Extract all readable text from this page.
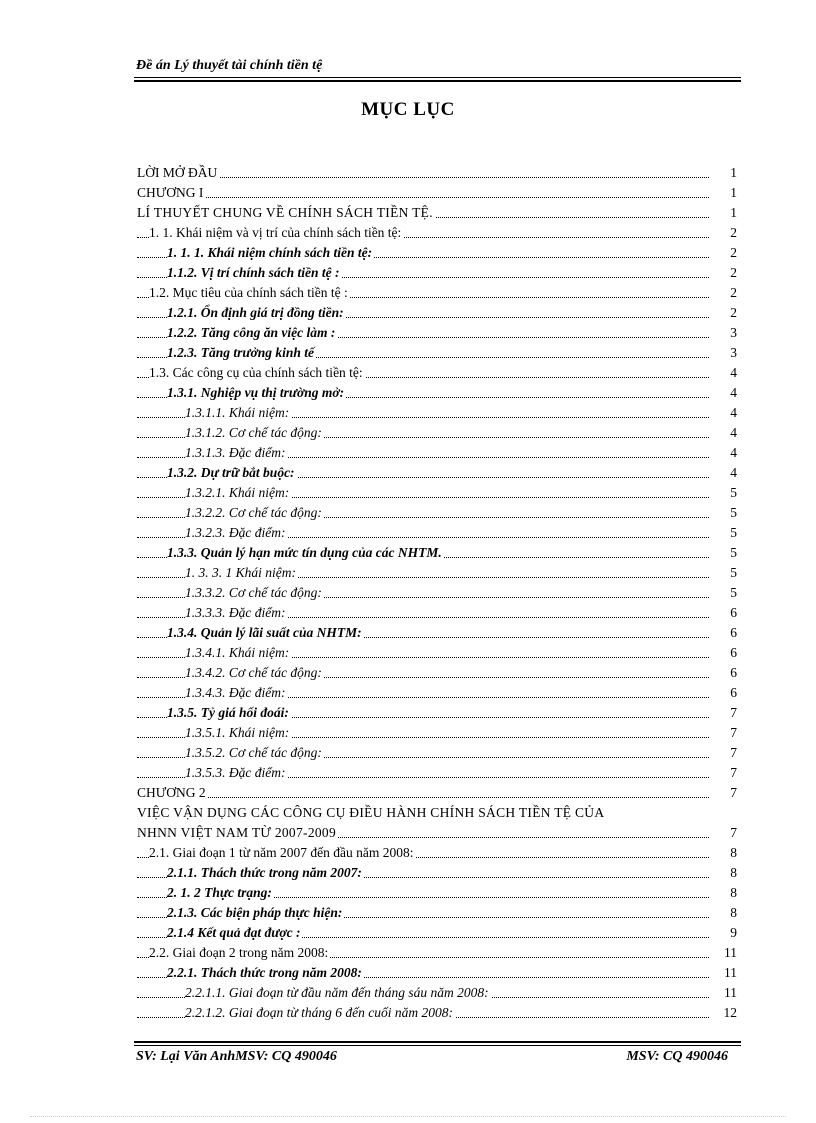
Đề án Lý thuyết tài chính tiền tệ
MỤC LỤC
LỜI MỞ ĐẦU	1
CHƯƠNG I	1
LÍ THUYẾT CHUNG VỀ CHÍNH SÁCH TIỀN TỆ.	1
1. 1. Khái niệm và vị trí của chính sách tiền tệ:	2
1. 1. 1. Khái niệm chính sách tiền tệ:	2
1.1.2. Vị trí chính sách tiền tệ :	2
1.2. Mục tiêu của chính sách tiền tệ :	2
1.2.1. Ổn định giá trị đồng tiền:	2
1.2.2. Tăng công ăn việc làm :	3
1.2.3. Tăng trưởng kinh tế	3
1.3. Các công cụ của chính sách tiền tệ:	4
1.3.1. Nghiệp vụ thị trường mở:	4
1.3.1.1. Khái niệm:	4
1.3.1.2. Cơ chế tác động:	4
1.3.1.3. Đặc điểm:	4
1.3.2. Dự trữ bắt buộc:	4
1.3.2.1. Khái niệm:	5
1.3.2.2. Cơ chế tác động:	5
1.3.2.3. Đặc điểm:	5
1.3.3. Quản lý hạn mức tín dụng của các NHTM.	5
1. 3. 3. 1 Khái niệm:	5
1.3.3.2. Cơ chế tác động:	5
1.3.3.3. Đặc điểm:	6
1.3.4. Quản lý lãi suất của NHTM:	6
1.3.4.1. Khái niệm:	6
1.3.4.2. Cơ chế tác động:	6
1.3.4.3. Đặc điểm:	6
1.3.5. Tỷ giá hối đoái:	7
1.3.5.1. Khái niệm:	7
1.3.5.2. Cơ chế tác động:	7
1.3.5.3. Đặc điểm:	7
CHƯƠNG 2	7
VIỆC VẬN DỤNG CÁC CÔNG CỤ ĐIỀU HÀNH CHÍNH SÁCH TIỀN TỆ CỦA
NHNN VIỆT NAM TỪ 2007-2009	7
2.1. Giai đoạn 1 từ năm 2007 đến đầu năm 2008:	8
2.1.1. Thách thức trong năm 2007:	8
2. 1. 2 Thực trạng:	8
2.1.3. Các biện pháp thực hiện:	8
2.1.4 Kết quả đạt được :	9
2.2. Giai đoạn 2 trong năm 2008:	11
2.2.1. Thách thức trong năm 2008:	11
2.2.1.1. Giai đoạn từ đầu năm đến tháng sáu năm 2008:	11
2.2.1.2. Giai đoạn từ tháng 6 đến cuối năm 2008:	12
SV: Lại Văn AnhMSV: CQ 490046	MSV: CQ 490046
